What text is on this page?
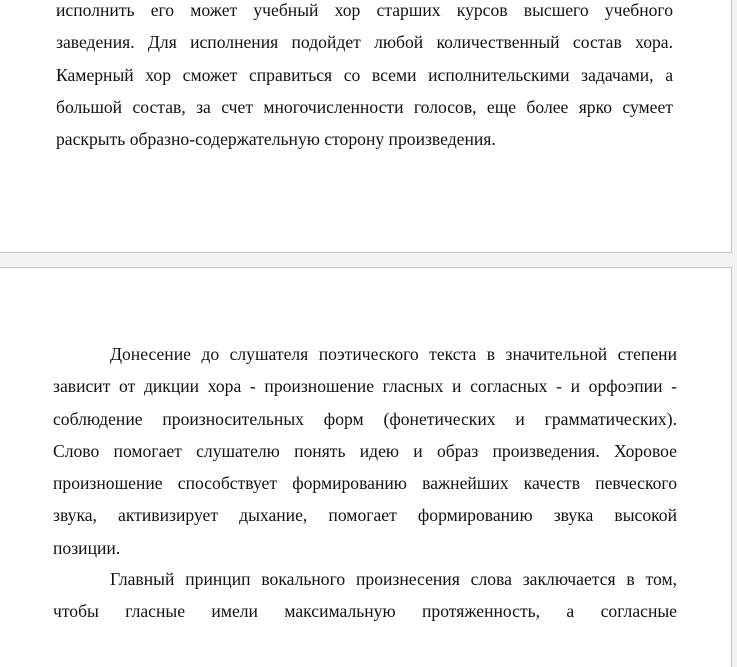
исполнить его может учебный хор старших курсов высшего учебного
заведения. Для исполнения подойдет любой количественный состав хора.
Камерный хор сможет справиться со всеми исполнительскими задачами, а
большой состав, за счет многочисленности голосов, еще более ярко сумеет
раскрыть образно-содержательную сторону произведения.
Донесение до слушателя поэтического текста в значительной степени
зависит от дикции хора - произношение гласных и согласных - и орфоэпии -
соблюдение произносительных форм (фонетических и грамматических).
Слово помогает слушателю понять идею и образ произведения. Хоровое
произношение способствует формированию важнейших качеств певческого
звука, активизирует дыхание, помогает формированию звука высокой
позиции.
Главный принцип вокального произнесения слова заключается в том,
чтобы гласные имели максимальную протяженность, а согласные
